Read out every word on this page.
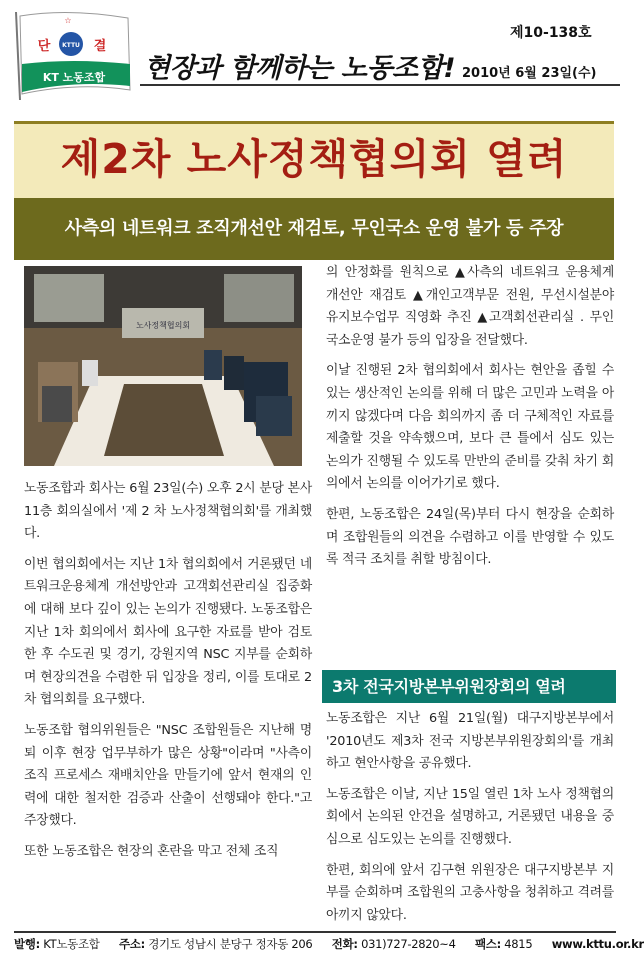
☆
단 KTTU 결
KT 노동조합 현장과 함께하는 노동조합!
제10-138호
2010년 6월 23일(수)
제2차 노사정책협의회 열려
사측의 네트워크 조직개선안 재검토, 무인국소 운영 불가 등 주장
노사정책협의회

노동조합과 회사는 6월 23일(수) 오후 2시 분당 본사 11층 회의실에서 '제 2 차 노사정책협의회'를 개최했다.

이번 협의회에서는 지난 1차 협의회에서 거론됐던 네트워크운용체계 개선방안과 고객회선관리실 집중화에 대해 보다 깊이 있는 논의가 진행됐다. 노동조합은 지난 1차 회의에서 회사에 요구한 자료를 받아 검토한 후 수도권 및 경기, 강원지역 NSC 지부를 순회하며 현장의견을 수렴한 뒤 입장을 정리, 이를 토대로 2차 협의회를 요구했다.

노동조합 협의위원들은 "NSC 조합원들은 지난해 명퇴 이후 현장 업무부하가 많은 상황"이라며 "사측이 조직 프로세스 재배치안을 만들기에 앞서 현재의 인력에 대한 철저한 검증과 산출이 선행돼야 한다."고 주장했다.

또한 노동조합은 현장의 혼란을 막고 전체 조직

의 안정화를 원칙으로 ▲사측의 네트워크 운용체계 개선안 재검토 ▲개인고객부문 전원, 무선시설분야 유지보수업무 직영화 추진 ▲고객회선관리실 . 무인국소운영 불가 등의 입장을 전달했다.

이날 진행된 2차 협의회에서 회사는 현안을 좁힐 수 있는 생산적인 논의를 위해 더 많은 고민과 노력을 아끼지 않겠다며 다음 회의까지 좀 더 구체적인 자료를 제출할 것을 약속했으며, 보다 큰 틀에서 심도 있는 논의가 진행될 수 있도록 만반의 준비를 갖춰 차기 회의에서 논의를 이어가기로 했다.

한편, 노동조합은 24일(목)부터 다시 현장을 순회하며 조합원들의 의견을 수렴하고 이를 반영할 수 있도록 적극 조치를 취할 방침이다.

3차 전국지방본부위원장회의 열려

노동조합은 지난 6월 21일(월) 대구지방본부에서 '2010년도 제3차 전국 지방본부위원장회의'를 개최하고 현안사항을 공유했다.

노동조합은 이날, 지난 15일 열린 1차 노사 정책협의회에서 논의된 안건을 설명하고, 거론됐던 내용을 중심으로 심도있는 논의를 진행했다.

한편, 회의에 앞서 김구현 위원장은 대구지방본부 지부를 순회하며 조합원의 고충사항을 청취하고 격려를 아끼지 않았다.

발행: KT노동조합 주소: 경기도 성남시 분당구 정자동 206 전화: 031)727-2820~4 팩스: 4815 www.kttu.or.kr
